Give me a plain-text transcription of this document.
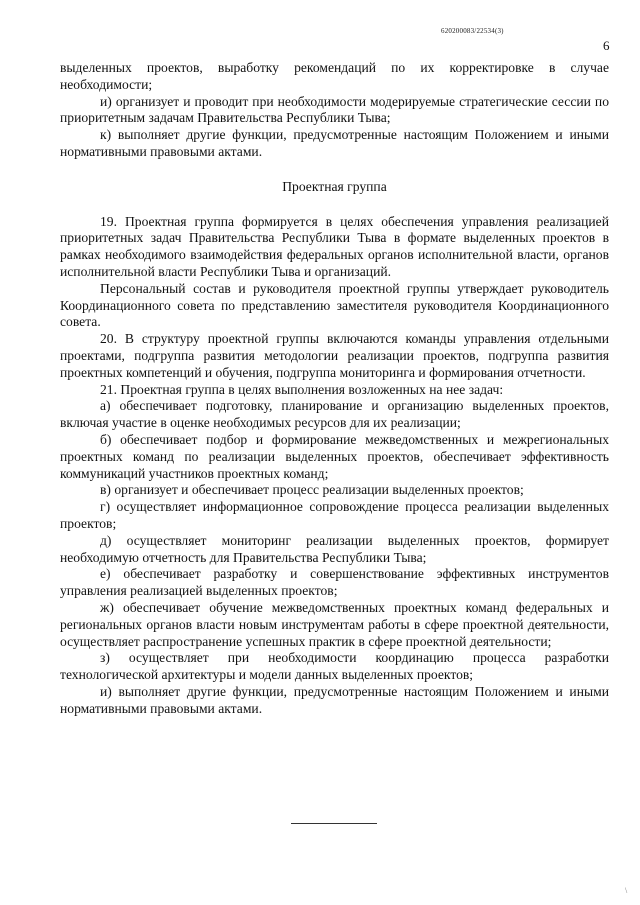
620200083/22534(3)
6

выделенных проектов, выработку рекомендаций по их корректировке в случае необходимости;

и) организует и проводит при необходимости модерируемые стратегические сессии по приоритетным задачам Правительства Республики Тыва;

к) выполняет другие функции, предусмотренные настоящим Положением и иными нормативными правовыми актами.

Проектная группа

19. Проектная группа формируется в целях обеспечения управления реализацией приоритетных задач Правительства Республики Тыва в формате выделенных проектов в рамках необходимого взаимодействия федеральных органов исполнительной власти, органов исполнительной власти Республики Тыва и организаций.

Персональный состав и руководителя проектной группы утверждает руководитель Координационного совета по представлению заместителя руководителя Координационного совета.

20. В структуру проектной группы включаются команды управления отдельными проектами, подгруппа развития методологии реализации проектов, подгруппа развития проектных компетенций и обучения, подгруппа мониторинга и формирования отчетности.

21. Проектная группа в целях выполнения возложенных на нее задач:

а) обеспечивает подготовку, планирование и организацию выделенных проектов, включая участие в оценке необходимых ресурсов для их реализации;

б) обеспечивает подбор и формирование межведомственных и межрегиональных проектных команд по реализации выделенных проектов, обеспечивает эффективность коммуникаций участников проектных команд;

в) организует и обеспечивает процесс реализации выделенных проектов;

г) осуществляет информационное сопровождение процесса реализации выделенных проектов;

д) осуществляет мониторинг реализации выделенных проектов, формирует необходимую отчетность для Правительства Республики Тыва;

е) обеспечивает разработку и совершенствование эффективных инструментов управления реализацией выделенных проектов;

ж) обеспечивает обучение межведомственных проектных команд федеральных и региональных органов власти новым инструментам работы в сфере проектной деятельности, осуществляет распространение успешных практик в сфере проектной деятельности;

з) осуществляет при необходимости координацию процесса разработки технологической архитектуры и модели данных выделенных проектов;

и) выполняет другие функции, предусмотренные настоящим Положением и иными нормативными правовыми актами.

\
